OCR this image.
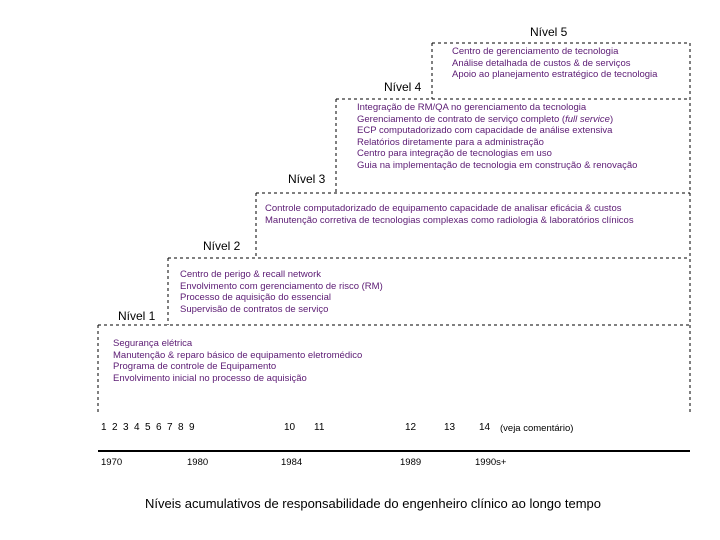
Nível 5
Nível 4
Nível 3
Nível 2
Nível 1
Centro de gerenciamento de tecnologia
Análise detalhada de custos & de serviços
Apoio ao planejamento estratégico de tecnologia
Integração de RM/QA no gerenciamento da tecnologia
Gerenciamento de contrato de serviço completo (full service)
ECP computadorizado com capacidade de análise extensiva
Relatórios diretamente para a administração
Centro para integração de tecnologias em uso
Guia na implementação de tecnologia em construção & renovação
Controle computadorizado de equipamento capacidade de analisar eficácia & custos
Manutenção corretiva de tecnologias complexas como radiologia & laboratórios clínicos
Centro de perigo & recall network
Envolvimento com gerenciamento de risco (RM)
Processo de aquisição do essencial
Supervisão de contratos de serviço
Segurança elétrica
Manutenção & reparo básico de equipamento eletromédico
Programa de controle de Equipamento
Envolvimento inicial no processo de aquisição
1 2 3 4 5 6 7 8 9	10 11	12	13 14 (veja comentário)
1970	1980	1984	1989	1990s+
Níveis acumulativos de responsabilidade do engenheiro clínico ao longo tempo
